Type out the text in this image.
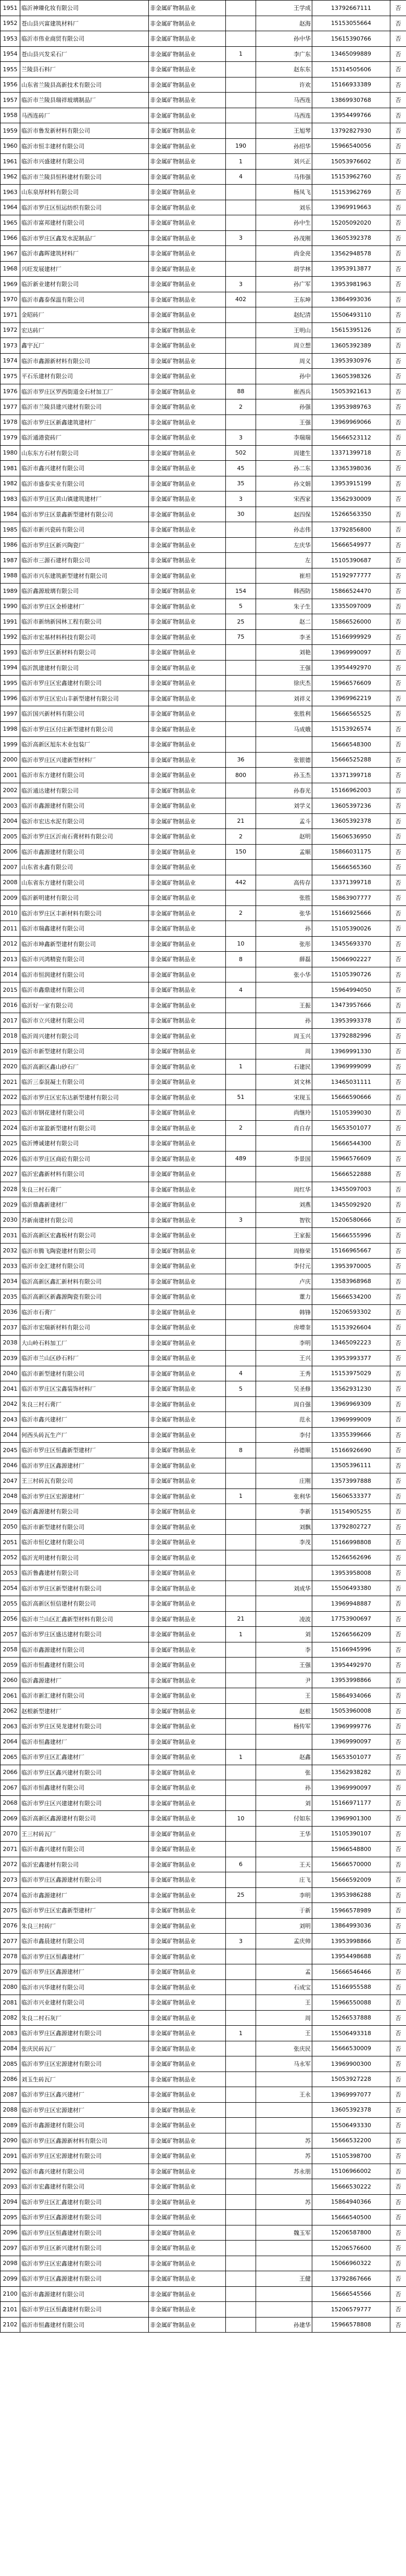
1951	临沂神臻化妆有限公司	非金属矿物制品业		王学成	13792667111	否
1952	苍山县兴富建筑材料厂	非金属矿物制品业		赵海	15153055664	否
1953	临沂市伟业商贸有限公司	非金属矿物制品业		孙中华	15615390766	否
1954	苍山县兴发采石厂	非金属矿物制品业	1	李广东	13465099889	否
1955	兰陵县石料厂	非金属矿物制品业		赵东东	15314505606	否
1956	山东省兰陵县高新技术有限公司	非金属矿物制品业		许欢	15166933389	否
1957	临沂市兰陵县瑞祥玻璃制品厂	非金属矿物制品业		马西连	13869930768	否
1958	马西连砖厂	非金属矿物制品业		马西连	13954499766	否
1959	临沂市鲁发新材料有限公司	非金属矿物制品业		王旭琴	13792827930	否
1960	临沂市恒丰建材有限公司	非金属矿物制品业	190	孙绍华	15966540056	否
1961	临沂市兴盛建材有限公司	非金属矿物制品业	1	刘兴正	15053976602	否
1962	临沂市兰陵县恒科建材有限公司	非金属矿物制品业	4	马伟强	15153962760	否
1963	山东泉厚材料有限公司	非金属矿物制品业		杨凤飞	15153962769	否
1964	临沂市罗庄区恒运纺织有限公司	非金属矿物制品业		刘乐	13969919663	否
1965	临沂市富邦建材有限公司	非金属矿物制品业		孙中生	15205092020	否
1966	临沂市罗庄区鑫发水泥制品厂	非金属矿物制品业	3	孙茂刚	13605392378	否
1967	临沂市鑫晖建筑材料厂	非金属矿物制品业		尚金亮	13562948578	否
1968	兴旺发展建材厂	非金属矿物制品业		胡学林	13953913877	否
1969	临沂新业建材有限公司	非金属矿物制品业	3	孙广军	13953981963	否
1970	临沂市鑫泰保温有限公司	非金属矿物制品业	402	王东坤	13864993036	否
1971	金昭砖厂	非金属矿物制品业		赵纪清	15506493110	否
1972	宏达砖厂	非金属矿物制品业		王明山	15615395126	否
1973	鑫宇瓦厂	非金属矿物制品业		周立想	13605392389	否
1974	临沂市鑫源新材料有限公司	非金属矿物制品业		周义	13953930976	否
1975	平石乐建材有限公司	非金属矿物制品业		孙中	13605398326	否
1976	临沂市罗庄区罗西街道金石材加工厂	非金属矿物制品业	88	崔西兵	15053921613	否
1977	临沂市兰陵县建兴建材有限公司	非金属矿物制品业	2	孙强	13953989763	否
1978	临沂市罗庄区新鑫建筑建材厂	非金属矿物制品业		王强	13969969066	否
1979	临沂通港瓷砖厂	非金属矿物制品业	3	李瑞瑞	15666523112	否
1980	山东东方石材有限公司	非金属矿物制品业	502	周建生	13371399718	否
1981	临沂市鑫兴建材有限公司	非金属矿物制品业	45	孙二东	13365398036	否
1982	临沂市盛泰实业有限公司	非金属矿物制品业	35	孙文娟	13953915199	否
1983	临沂市罗庄区黄山镇建筑建材厂	非金属矿物制品业	3	宋西家	13562930009	否
1984	临沂市罗庄区景鑫新型建材有限公司	非金属矿物制品业	30	赵四保	15266563350	否
1985	临沂市新兴瓷砖有限公司	非金属矿物制品业		孙志伟	13792856800	否
1986	临沂市罗庄区新兴陶瓷厂	非金属矿物制品业		左庆华	15666549977	否
1987	临沂市三源石建材有限公司	非金属矿物制品业		左	15105390687	否
1988	临沂市兴东建筑新型建材有限公司	非金属矿物制品业		崔坦	15192977777	否
1989	临沂鑫源玻璃有限公司	非金属矿物制品业	154	韩西防	15866524470	否
1990	临沂市罗庄区金桥建材厂	非金属矿物制品业	5	朱子生	13355097009	否
1991	临沂市新纳新园林工程有限公司	非金属矿物制品业	25	赵二	15866526000	否
1992	临沂市宏基材料科技有限公司	非金属矿物制品业	75	李圣	15166999929	否
1993	临沂市罗庄区新材料有限公司	非金属矿物制品业		刘艳	13969990097	否
1994	临沂凯建建材有限公司	非金属矿物制品业		王强	13954492970	否
1995	临沂市罗庄区宏鑫建材有限公司	非金属矿物制品业		徐庆杰	15966576609	否
1996	临沂市罗庄区宏山丰新型建材有限公司	非金属矿物制品业		刘祥义	13969962219	否
1997	临沂国兴新材料有限公司	非金属矿物制品业		张胜利	15666565525	否
1998	临沂市罗庄区付庄新型建材有限公司	非金属矿物制品业		马成娥	15153926574	否
1999	临沂高新区旭东木业包装厂	非金属矿物制品业			15666548300	否
2000	临沂市罗庄区兴建新型材料厂	非金属矿物制品业	36	张银德	15666525288	否
2001	临沂市东方建材有限公司	非金属矿物制品业	800	孙玉杰	13371399718	否
2002	临沂通达建材有限公司	非金属矿物制品业		孙春光	15166962003	否
2003	临沂市鑫源建材有限公司	非金属矿物制品业		刘学义	13605397236	否
2004	临沂市宏达水泥有限公司	非金属矿物制品业	21	孟斗	13605392378	否
2005	临沂市罗庄区沂南石膏材料有限公司	非金属矿物制品业	2	赵明	15606536950	否
2006	临沂市鑫源建材有限公司	非金属矿物制品业	150	孟顺	15866031175	否
2007	山东省永鑫有限公司	非金属矿物制品业			15666565360	否
2008	山东省东方建材有限公司	非金属矿物制品业	442	高传存	13371399718	否
2009	临沂新明建材有限公司	非金属矿物制品业		张胜	15863907777	否
2010	临沂市罗庄区丰新材料有限公司	非金属矿物制品业	2	张华	15166925666	否
2011	临沂市瑞鑫建材有限公司	非金属矿物制品业		孙	15105390026	否
2012	临沂市坤鑫新型建材有限公司	非金属矿物制品业	10	张彤	13455693370	否
2013	临沂市兴鸿精瓷有限公司	非金属矿物制品业	8	薛磊	15066902227	否
2014	临沂市恒润建材有限公司	非金属矿物制品业		张小华	15105390726	否
2015	临沂市鑫鼎建材有限公司	非金属矿物制品业	4		15964994050	否
2016	临沂好一家有限公司	非金属矿物制品业		王振	13473957666	否
2017	临沂市立兴建材有限公司	非金属矿物制品业		孙	13953993378	否
2018	临沂周兴建材有限公司	非金属矿物制品业		周玉兴	13792882996	否
2019	临沂市新型建材有限公司	非金属矿物制品业		周	13969991330	否
2020	临沂高新区鑫山砂石厂	非金属矿物制品业	1	石建民	13969999099	否
2021	临沂三泰混凝土有限公司	非金属矿物制品业		刘文林	13465031111	否
2022	临沂市罗庄区宏东达新型建材有限公司	非金属矿物制品业	51	宋现玉	15666590666	否
2023	临沂市钢花建材有限公司	非金属矿物制品业		尚继玲	15105399030	否
2024	临沂市富盈新型建材有限公司	非金属矿物制品业	2	肖自存	15653501077	否
2025	临沂博诚建材有限公司	非金属矿物制品业			15666544300	否
2026	临沂市罗庄区商砼有限公司	非金属矿物制品业	489	李景国	15966576609	否
2027	临沂宏鑫新材料有限公司	非金属矿物制品业			15666522888	否
2028	朱良三村石膏厂	非金属矿物制品业		周红华	13455097003	否
2029	临沂鼎鑫新建材厂	非金属矿物制品业		刘燕	13455092920	否
2030	苏新南建材有限公司	非金属矿物制品业	3	智钦	15206580666	否
2031	临沂高新区宏鑫板材有限公司	非金属矿物制品业		王家振	15666555996	否
2032	临沂市腾飞陶瓷建材有限公司	非金属矿物制品业		周修荣	15166965667	否
2033	临沂市金汇建材有限公司	非金属矿物制品业		李付元	13953970005	否
2034	临沂高新区鑫汇新材料有限公司	非金属矿物制品业		卢庆	13583968968	否
2035	临沂高新区新鑫源陶瓷有限公司	非金属矿物制品业		董力	15666534200	否
2036	临沂市石膏厂	非金属矿物制品业		韩锋	15206593302	否
2037	临沂市宏瑞新材料有限公司	非金属矿物制品业		房增奎	15153926604	否
2038	大山岭石料加工厂	非金属矿物制品业		李明	13465092223	否
2039	临沂市兰山区砂石料厂	非金属矿物制品业		王兴	13953993377	否
2040	临沂市新型建材有限公司	非金属矿物制品业	4	王秀	15153975029	否
2041	临沂市罗庄区宝鑫装饰材料厂	非金属矿物制品业	5	吴圣修	13562931230	否
2042	朱良三村石膏厂	非金属矿物制品业		周自强	13969969309	否
2043	临沂市鑫兴建材厂	非金属矿物制品业		范永	13969999009	否
2044	何西头砖瓦生产厂	非金属矿物制品业		李付	13355399666	否
2045	临沂市罗庄区恒鑫新型建材厂	非金属矿物制品业	8	孙德顺	15166926690	否
2046	临沂市罗庄区鑫源建材厂	非金属矿物制品业			13505396111	否
2047	王三村砖瓦有限公司	非金属矿物制品业		庄刚	13573997888	否
2048	临沂市罗庄区宏源建材厂	非金属矿物制品业	1	张利华	15606533377	否
2049	临沂鑫源建材有限公司	非金属矿物制品业		李新	15154905255	否
2050	临沂市新型建材有限公司	非金属矿物制品业		刘飘	13792802727	否
2051	临沂市恒亿建材有限公司	非金属矿物制品业		李茂	15166998808	否
2052	临沂光明建材有限公司	非金属矿物制品业			15266562696	否
2053	临沂鲁鑫建材有限公司	非金属矿物制品业			13953958008	否
2054	临沂市罗庄区新型建材有限公司	非金属矿物制品业		刘成华	15506493380	否
2055	临沂高新区恒信建材有限公司	非金属矿物制品业			13969948887	否
2056	临沂市兰山区汇鑫新型材料有限公司	非金属矿物制品业	21	凌波	17753900697	否
2057	临沂市罗庄区盛达建材有限公司	非金属矿物制品业	1	刘	15266566209	否
2058	临沂市鑫源建材有限公司	非金属矿物制品业		李	15166945996	否
2059	临沂市恒鑫建材有限公司	非金属矿物制品业		王强	13954492970	否
2060	临沂鑫源建材厂	非金属矿物制品业		尹	13953998866	否
2061	临沂市新汇建材有限公司	非金属矿物制品业		王	15864934066	否
2062	赵根新型建材厂	非金属矿物制品业		赵根	15053960008	否
2063	临沂市罗庄区昊龙建材有限公司	非金属矿物制品业		杨传军	13969999776	否
2064	临沂市恒鑫建材厂	非金属矿物制品业			13969990097	否
2065	临沂市罗庄区汇鑫建材厂	非金属矿物制品业	1	赵鑫	15653501077	否
2066	临沂市罗庄区鑫兴建材有限公司	非金属矿物制品业		张	13562938282	否
2067	临沂市恒鑫建材有限公司	非金属矿物制品业		孙	13969990097	否
2068	临沂市罗庄区兴建建材有限公司	非金属矿物制品业		刘	15166971177	否
2069	临沂高新区鑫源建材有限公司	非金属矿物制品业	10	付如东	13969901300	否
2070	王三村砖瓦厂	非金属矿物制品业		王华	15105390107	否
2071	临沂市鑫兴建材有限公司	非金属矿物制品业			15966548800	否
2072	临沂宏鑫建材有限公司	非金属矿物制品业	6	王天	15666570000	否
2073	临沂市罗庄区鑫源建材有限公司	非金属矿物制品业		庄飞	15666592009	否
2074	临沂市鑫源建材厂	非金属矿物制品业	25	李明	13953986288	否
2075	临沂市罗庄区宏鑫新型建材厂	非金属矿物制品业		于新	15966578989	否
2076	朱良三村砖厂	非金属矿物制品业		刘明	13864993036	否
2077	临沂市鑫晨建材有限公司	非金属矿物制品业	3	孟庆帅	13953998866	否
2078	临沂市罗庄区恒鑫建材厂	非金属矿物制品业			13954498688	否
2079	临沂市罗庄区鑫源建材厂	非金属矿物制品业		孟	15666546466	否
2080	临沂市兴华建材有限公司	非金属矿物制品业		石成宝	15166955588	否
2081	临沂市兴业建材有限公司	非金属矿物制品业		王	15966550088	否
2082	朱良二村石灰厂	非金属矿物制品业		周	15266537888	否
2083	临沂市罗庄区鑫源建材有限公司	非金属矿物制品业	1	王	15506493318	否
2084	张庆民砖瓦厂	非金属矿物制品业		张庆民	15666530009	否
2085	临沂市罗庄区宏源建材有限公司	非金属矿物制品业		马永军	13969900300	否
2086	刘玉生砖瓦厂	非金属矿物制品业			15053927228	否
2087	临沂市罗庄区鑫兴建材厂	非金属矿物制品业		王永	13969997077	否
2088	临沂市罗庄区宏源建材厂	非金属矿物制品业			13605392378	否
2089	临沂市鑫源建材有限公司	非金属矿物制品业			15506493330	否
2090	临沂市罗庄区鑫源新材料有限公司	非金属矿物制品业		苏	15666532200	否
2091	临沂市罗庄区宏源建材有限公司	非金属矿物制品业		苏	15105398700	否
2092	临沂市鑫兴建材有限公司	非金属矿物制品业		苏永朋	15106966002	否
2093	临沂市宏鑫建材有限公司	非金属矿物制品业			15666530222	否
2094	临沂市罗庄区汇鑫建材有限公司	非金属矿物制品业		苏	15864940366	否
2095	临沂市罗庄区鑫源建材有限公司	非金属矿物制品业			15666540500	否
2096	临沂市罗庄区恒鑫建材有限公司	非金属矿物制品业		魏玉军	15206587800	否
2097	临沂市罗庄区新兴建材有限公司	非金属矿物制品业			15206576600	否
2098	临沂市罗庄区宏鑫建材有限公司	非金属矿物制品业			15066960322	否
2099	临沂市罗庄区鑫源建材有限公司	非金属矿物制品业		王健	13792867666	否
2100	临沂市鑫源建材有限公司	非金属矿物制品业			15666545566	否
2101	临沂市罗庄区恒鑫建材有限公司	非金属矿物制品业			15206579777	否
2102	临沂市恒鑫建材有限公司	非金属矿物制品业		孙建华	15966578808	否
